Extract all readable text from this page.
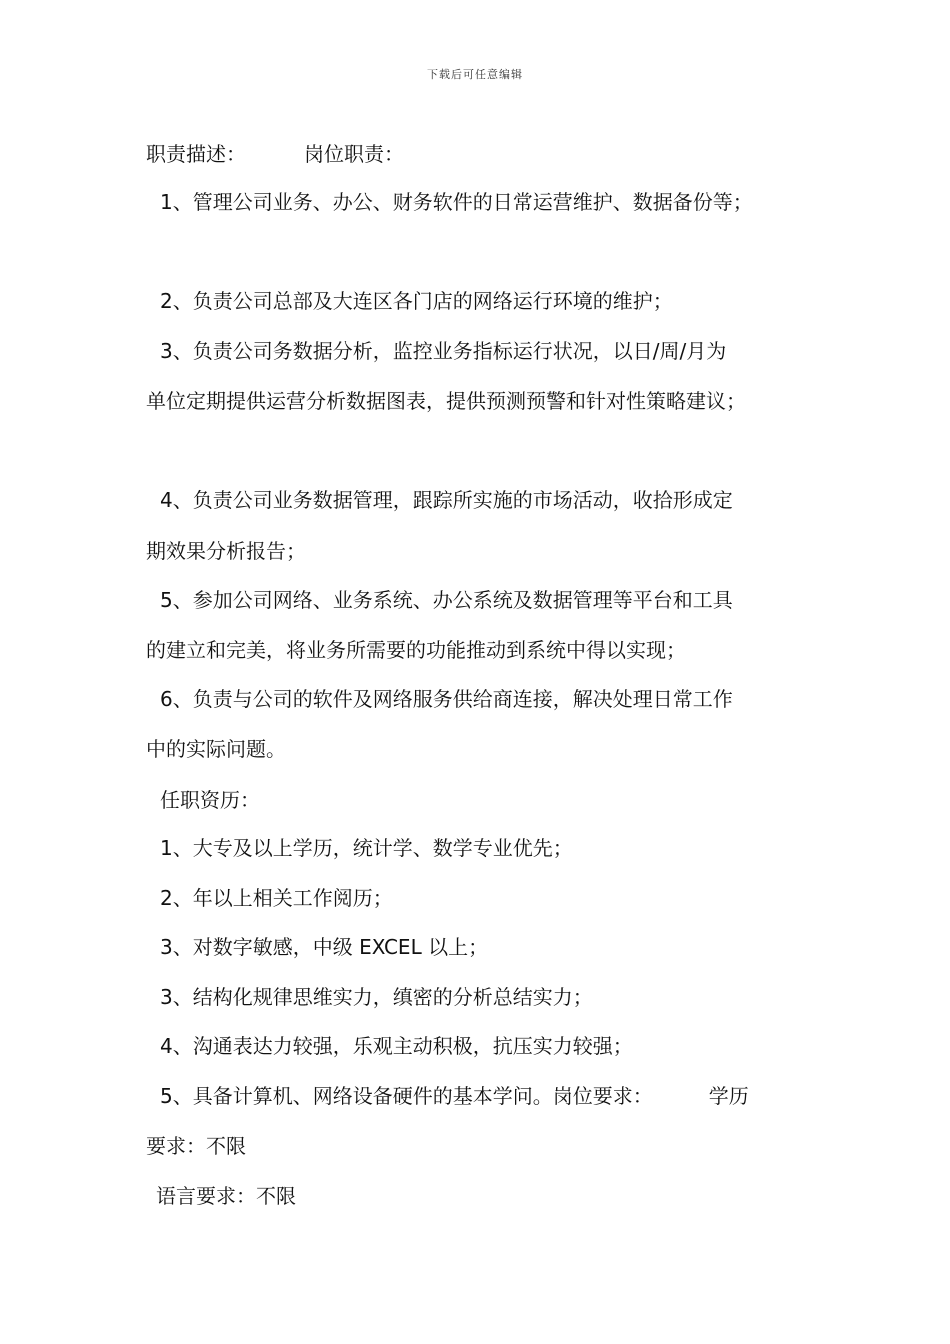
下载后可任意编辑
职责描述：	岗位职责：

1、管理公司业务、办公、财务软件的日常运营维护、数据备份等；

2、负责公司总部及大连区各门店的网络运行环境的维护；

3、负责公司务数据分析，监控业务指标运行状况，以日/周/月为

单位定期提供运营分析数据图表，提供预测预警和针对性策略建议；

4、负责公司业务数据管理，跟踪所实施的市场活动，收拾形成定

期效果分析报告；

5、参加公司网络、业务系统、办公系统及数据管理等平台和工具

的建立和完美，将业务所需要的功能推动到系统中得以实现；

6、负责与公司的软件及网络服务供给商连接，解决处理日常工作

中的实际问题。

任职资历：

1、大专及以上学历，统计学、数学专业优先；

2、年以上相关工作阅历；

3、对数字敏感，中级 EXCEL 以上；

3、结构化规律思维实力，缜密的分析总结实力；

4、沟通表达力较强，乐观主动积极，抗压实力较强；

5、具备计算机、网络设备硬件的基本学问。岗位要求：	学历

要求：不限

语言要求：不限
